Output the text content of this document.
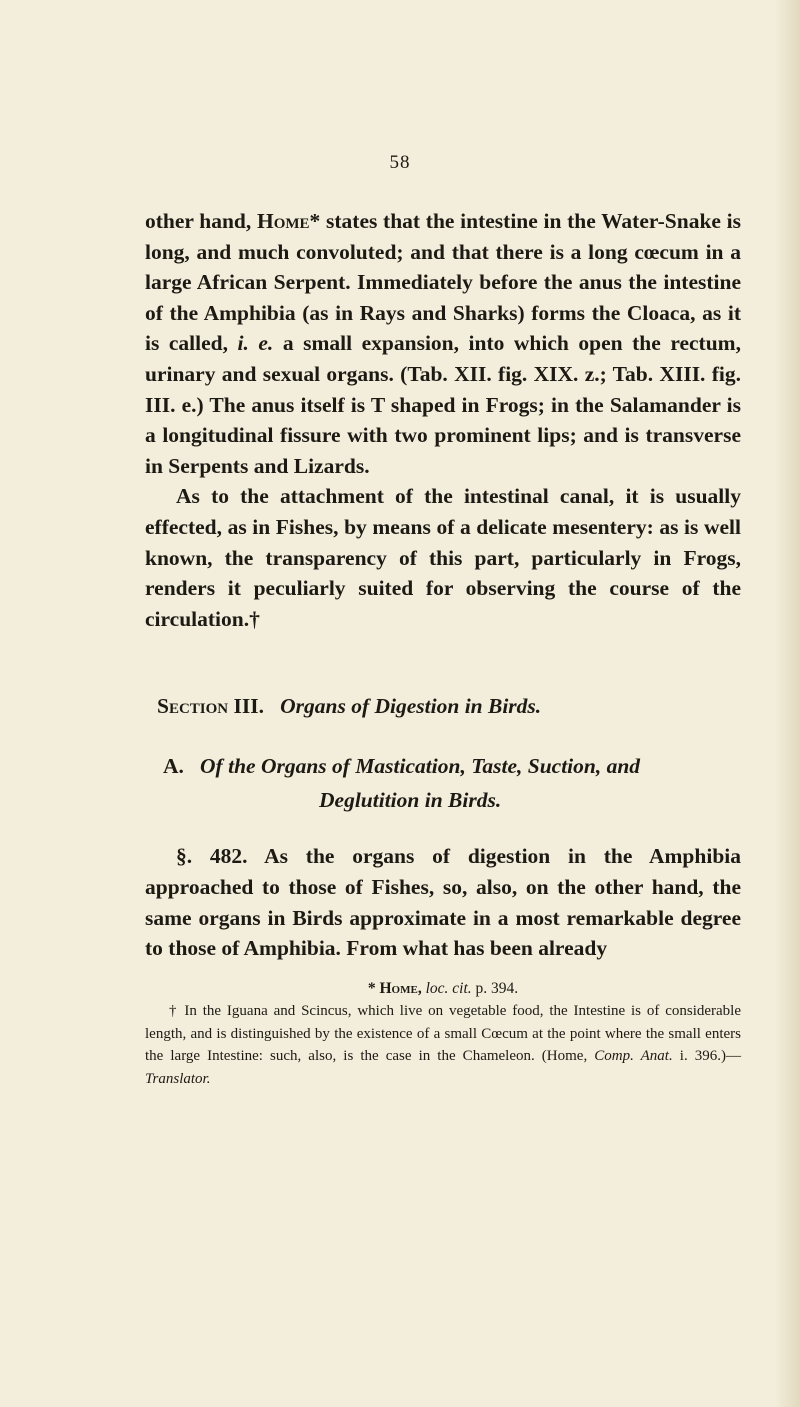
58

other hand, Home* states that the intestine in the Water-Snake is long, and much convoluted; and that there is a long cœcum in a large African Serpent. Immediately before the anus the intestine of the Amphibia (as in Rays and Sharks) forms the Cloaca, as it is called, i. e. a small expansion, into which open the rectum, urinary and sexual organs. (Tab. XII. fig. XIX. z.; Tab. XIII. fig. III. e.) The anus itself is T shaped in Frogs; in the Salamander is a longitudinal fissure with two prominent lips; and is transverse in Serpents and Lizards.

As to the attachment of the intestinal canal, it is usually effected, as in Fishes, by means of a delicate mesentery: as is well known, the transparency of this part, particularly in Frogs, renders it peculiarly suited for observing the course of the circulation.†

Section III. Organs of Digestion in Birds.
A. Of the Organs of Mastication, Taste, Suction, and
Deglutition in Birds.

§. 482. As the organs of digestion in the Amphibia approached to those of Fishes, so, also, on the other hand, the same organs in Birds approximate in a most remarkable degree to those of Amphibia. From what has been already

* Home, loc. cit. p. 394.
† In the Iguana and Scincus, which live on vegetable food, the Intestine is of considerable length, and is distinguished by the existence of a small Cœcum at the point where the small enters the large Intestine: such, also, is the case in the Chameleon. (Home, Comp. Anat. i. 396.)—Translator.
